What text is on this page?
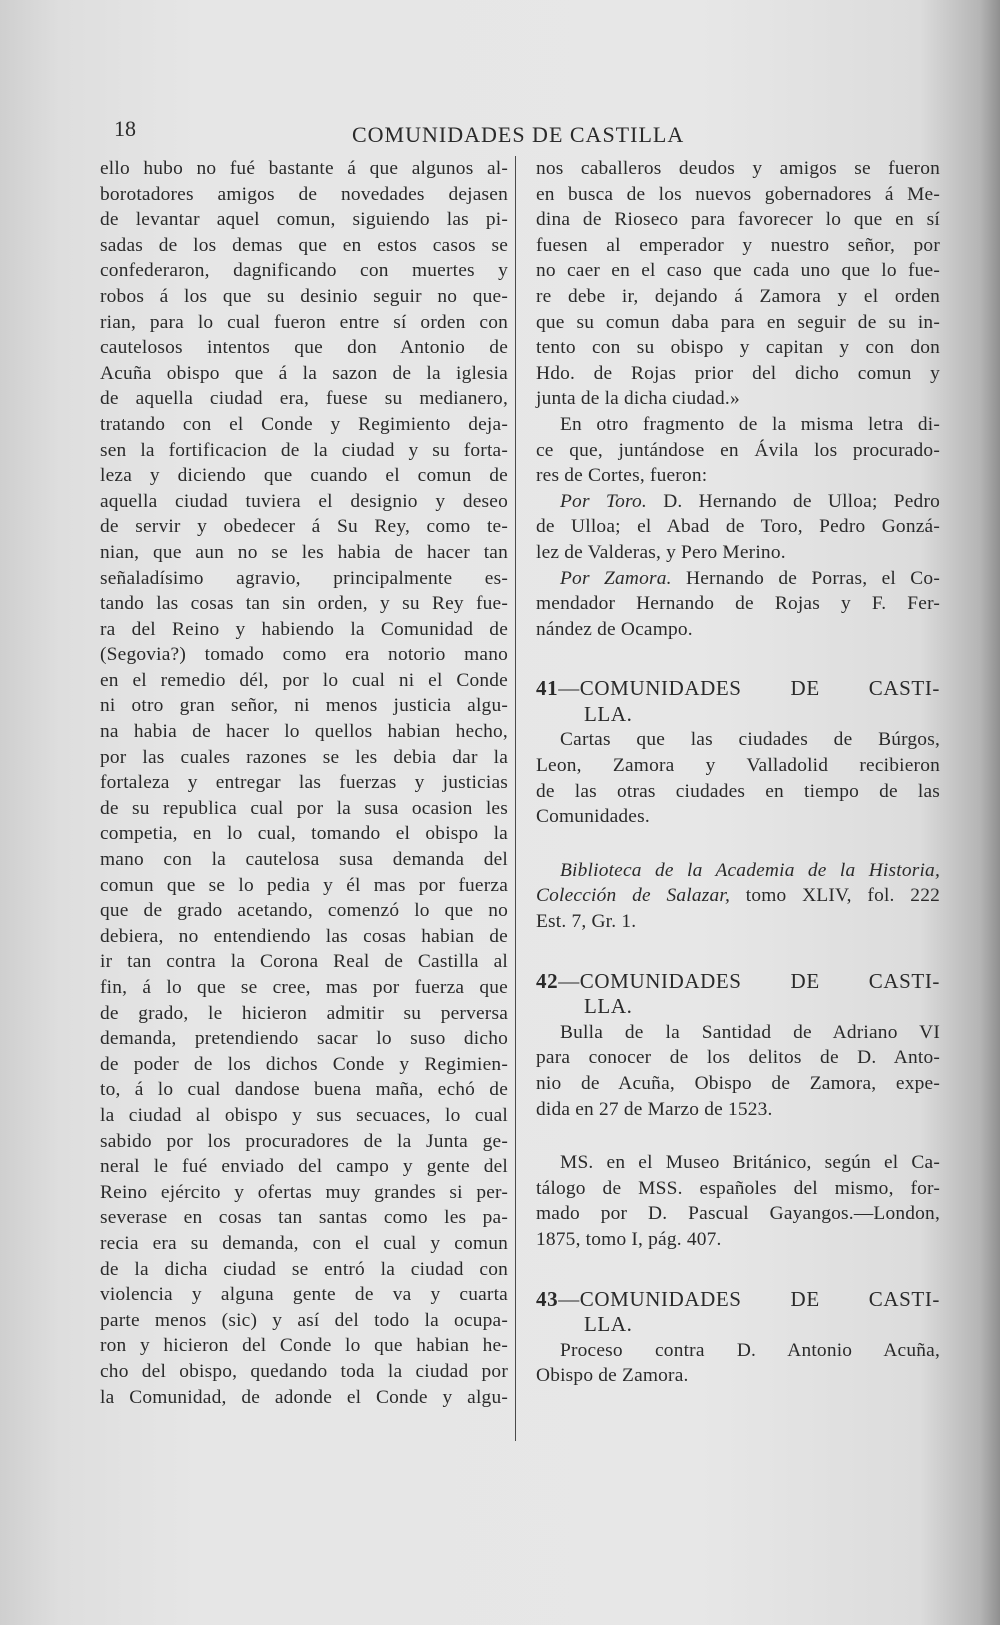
18	COMUNIDADES DE CASTILLA
ello hubo no fué bastante á que algunos al-
borotadores amigos de novedades dejasen
de levantar aquel comun, siguiendo las pi-
sadas de los demas que en estos casos se
confederaron, dagnificando con muertes y
robos á los que su desinio seguir no que-
rian, para lo cual fueron entre sí orden con
cautelosos intentos que don Antonio de
Acuña obispo que á la sazon de la iglesia
de aquella ciudad era, fuese su medianero,
tratando con el Conde y Regimiento deja-
sen la fortificacion de la ciudad y su forta-
leza y diciendo que cuando el comun de
aquella ciudad tuviera el designio y deseo
de servir y obedecer á Su Rey, como te-
nian, que aun no se les habia de hacer tan
señaladísimo agravio, principalmente es-
tando las cosas tan sin orden, y su Rey fue-
ra del Reino y habiendo la Comunidad de
(Segovia?) tomado como era notorio mano
en el remedio dél, por lo cual ni el Conde
ni otro gran señor, ni menos justicia algu-
na habia de hacer lo quellos habian hecho,
por las cuales razones se les debia dar la
fortaleza y entregar las fuerzas y justicias
de su republica cual por la susa ocasion les
competia, en lo cual, tomando el obispo la
mano con la cautelosa susa demanda del
comun que se lo pedia y él mas por fuerza
que de grado acetando, comenzó lo que no
debiera, no entendiendo las cosas habian de
ir tan contra la Corona Real de Castilla al
fin, á lo que se cree, mas por fuerza que
de grado, le hicieron admitir su perversa
demanda, pretendiendo sacar lo suso dicho
de poder de los dichos Conde y Regimien-
to, á lo cual dandose buena maña, echó de
la ciudad al obispo y sus secuaces, lo cual
sabido por los procuradores de la Junta ge-
neral le fué enviado del campo y gente del
Reino ejército y ofertas muy grandes si per-
severase en cosas tan santas como les pa-
recia era su demanda, con el cual y comun
de la dicha ciudad se entró la ciudad con
violencia y alguna gente de va y cuarta
parte menos (sic) y así del todo la ocupa-
ron y hicieron del Conde lo que habian he-
cho del obispo, quedando toda la ciudad por
la Comunidad, de adonde el Conde y algu-
nos caballeros deudos y amigos se fueron
en busca de los nuevos gobernadores á Me-
dina de Rioseco para favorecer lo que en sí
fuesen al emperador y nuestro señor, por
no caer en el caso que cada uno que lo fue-
re debe ir, dejando á Zamora y el orden
que su comun daba para en seguir de su in-
tento con su obispo y capitan y con don
Hdo. de Rojas prior del dicho comun y
junta de la dicha ciudad.»
En otro fragmento de la misma letra di-
ce que, juntándose en Ávila los procurado-
res de Cortes, fueron:
Por Toro. D. Hernando de Ulloa; Pedro
de Ulloa; el Abad de Toro, Pedro Gonzá-
lez de Valderas, y Pero Merino.
Por Zamora. Hernando de Porras, el Co-
mendador Hernando de Rojas y F. Fer-
nández de Ocampo.
41—COMUNIDADES DE CASTI-
LLA.
Cartas que las ciudades de Búrgos,
Leon, Zamora y Valladolid recibieron
de las otras ciudades en tiempo de las
Comunidades.
Biblioteca de la Academia de la Historia,
Colección de Salazar, tomo XLIV, fol. 222
Est. 7, Gr. 1.
42—COMUNIDADES DE CASTI-
LLA.
Bulla de la Santidad de Adriano VI
para conocer de los delitos de D. Anto-
nio de Acuña, Obispo de Zamora, expe-
dida en 27 de Marzo de 1523.
MS. en el Museo Británico, según el Ca-
tálogo de MSS. españoles del mismo, for-
mado por D. Pascual Gayangos.—London,
1875, tomo I, pág. 407.
43—COMUNIDADES DE CASTI-
LLA.
Proceso contra D. Antonio Acuña,
Obispo de Zamora.
